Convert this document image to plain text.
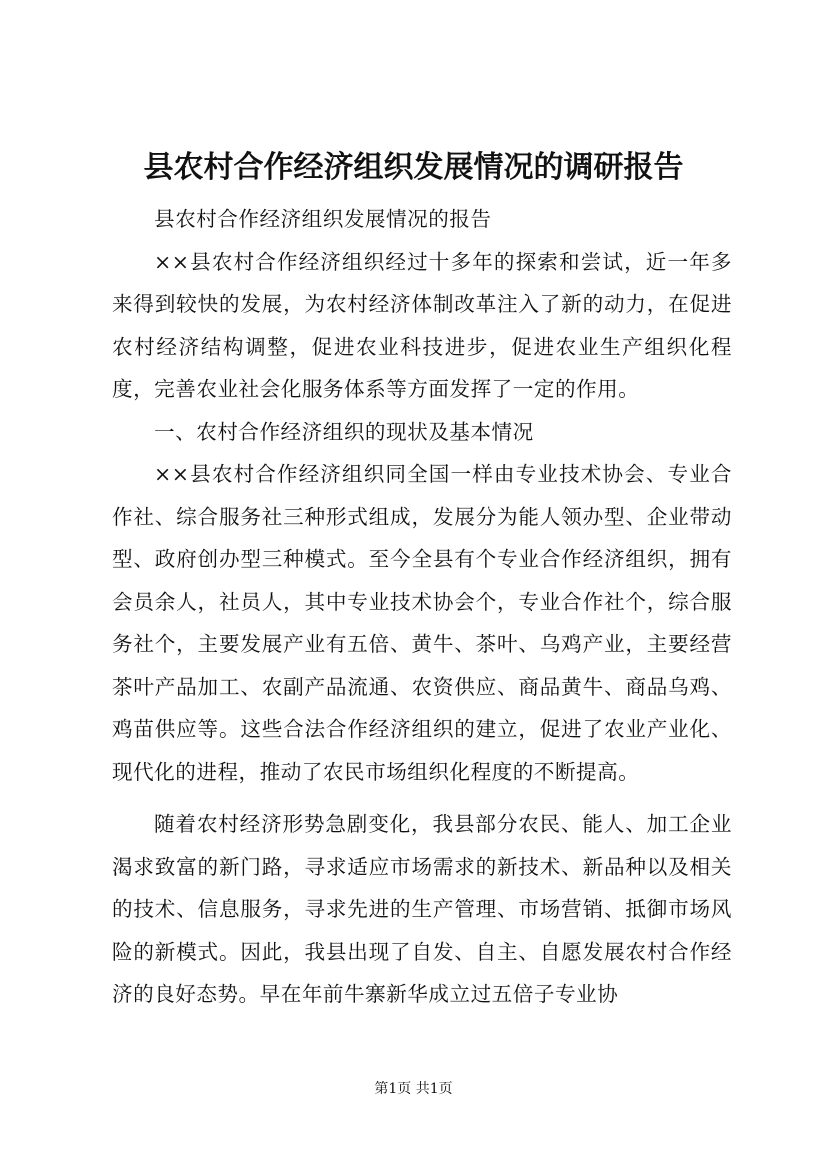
县农村合作经济组织发展情况的调研报告

县农村合作经济组织发展情况的报告

××县农村合作经济组织经过十多年的探索和尝试，近一年多来得到较快的发展，为农村经济体制改革注入了新的动力，在促进农村经济结构调整，促进农业科技进步，促进农业生产组织化程度，完善农业社会化服务体系等方面发挥了一定的作用。

一、农村合作经济组织的现状及基本情况

××县农村合作经济组织同全国一样由专业技术协会、专业合作社、综合服务社三种形式组成，发展分为能人领办型、企业带动型、政府创办型三种模式。至今全县有个专业合作经济组织，拥有会员余人，社员人，其中专业技术协会个，专业合作社个，综合服务社个，主要发展产业有五倍、黄牛、茶叶、乌鸡产业，主要经营茶叶产品加工、农副产品流通、农资供应、商品黄牛、商品乌鸡、鸡苗供应等。这些合法合作经济组织的建立，促进了农业产业化、现代化的进程，推动了农民市场组织化程度的不断提高。

随着农村经济形势急剧变化，我县部分农民、能人、加工企业渴求致富的新门路，寻求适应市场需求的新技术、新品种以及相关的技术、信息服务，寻求先进的生产管理、市场营销、抵御市场风险的新模式。因此，我县出现了自发、自主、自愿发展农村合作经济的良好态势。早在年前牛寨新华成立过五倍子专业协

第1页 共1页
